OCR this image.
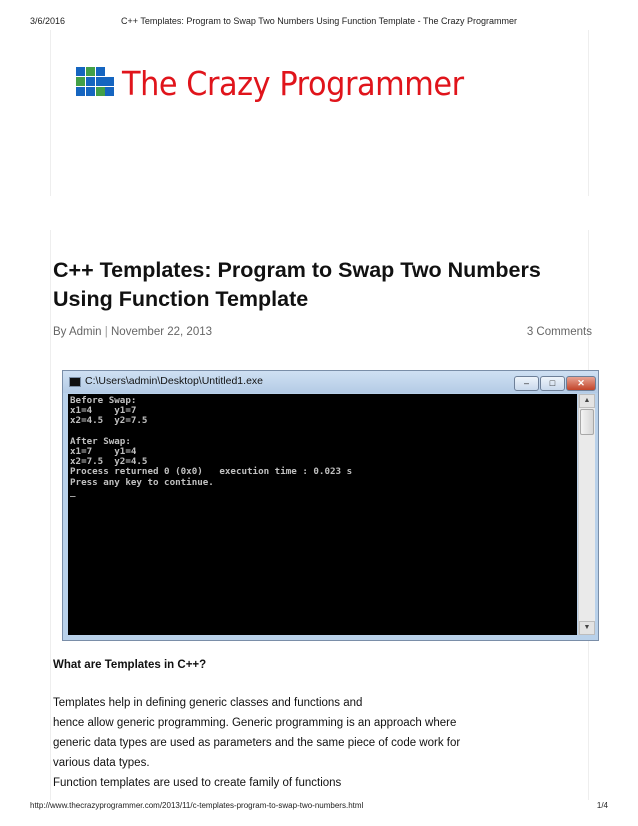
3/6/2016	C++ Templates: Program to Swap Two Numbers Using Function Template - The Crazy Programmer
The Crazy Programmer
C++ Templates: Program to Swap Two Numbers Using Function Template
By Admin | November 22, 2013	3 Comments
C:\Users\admin\Desktop\Untitled1.exe	–	□	✕
Before Swap:
x1=4    y1=7
x2=4.5  y2=7.5

After Swap:
x1=7    y1=4
x2=7.5  y2=4.5
Process returned 0 (0x0)   execution time : 0.023 s
Press any key to continue.
_
▲
▼
What are Templates in C++?
Templates help in defining generic classes and functions and
hence allow generic programming. Generic programming is an approach where
generic data types are used as parameters and the same piece of code work for
various data types.
Function templates are used to create family of functions
http://www.thecrazyprogrammer.com/2013/11/c-templates-program-to-swap-two-numbers.html	1/4
